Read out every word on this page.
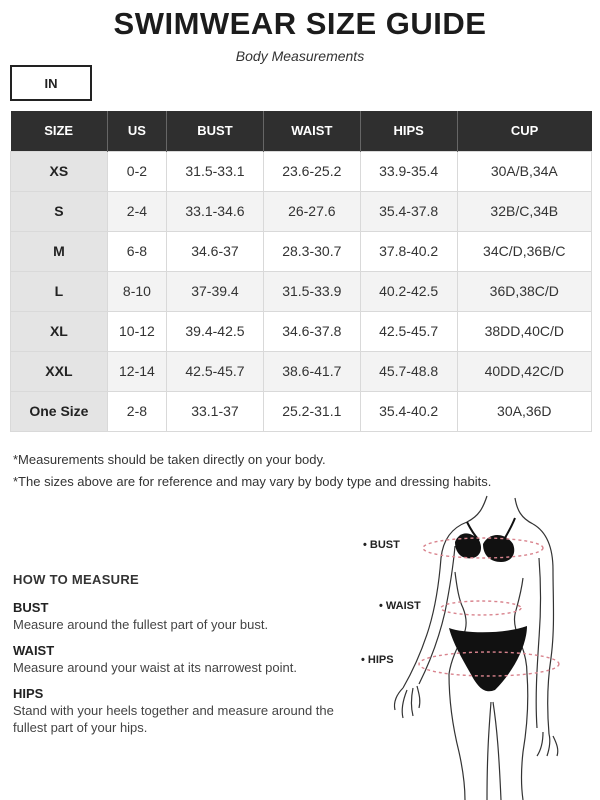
SWIMWEAR SIZE GUIDE
Body Measurements
IN
SIZE	US	BUST	WAIST	HIPS	CUP
XS	0-2	31.5-33.1	23.6-25.2	33.9-35.4	30A/B,34A
S	2-4	33.1-34.6	26-27.6	35.4-37.8	32B/C,34B
M	6-8	34.6-37	28.3-30.7	37.8-40.2	34C/D,36B/C
L	8-10	37-39.4	31.5-33.9	40.2-42.5	36D,38C/D
XL	10-12	39.4-42.5	34.6-37.8	42.5-45.7	38DD,40C/D
XXL	12-14	42.5-45.7	38.6-41.7	45.7-48.8	40DD,42C/D
One Size	2-8	33.1-37	25.2-31.1	35.4-40.2	30A,36D
*Measurements should be taken directly on your body.
*The sizes above are for reference and may vary by body type and dressing habits.
HOW TO MEASURE
BUST
Measure around the fullest part of your bust.
WAIST
Measure around your waist at its narrowest point.
HIPS
Stand with your heels together and measure around the fullest part of your hips.
• BUST
• WAIST
• HIPS
